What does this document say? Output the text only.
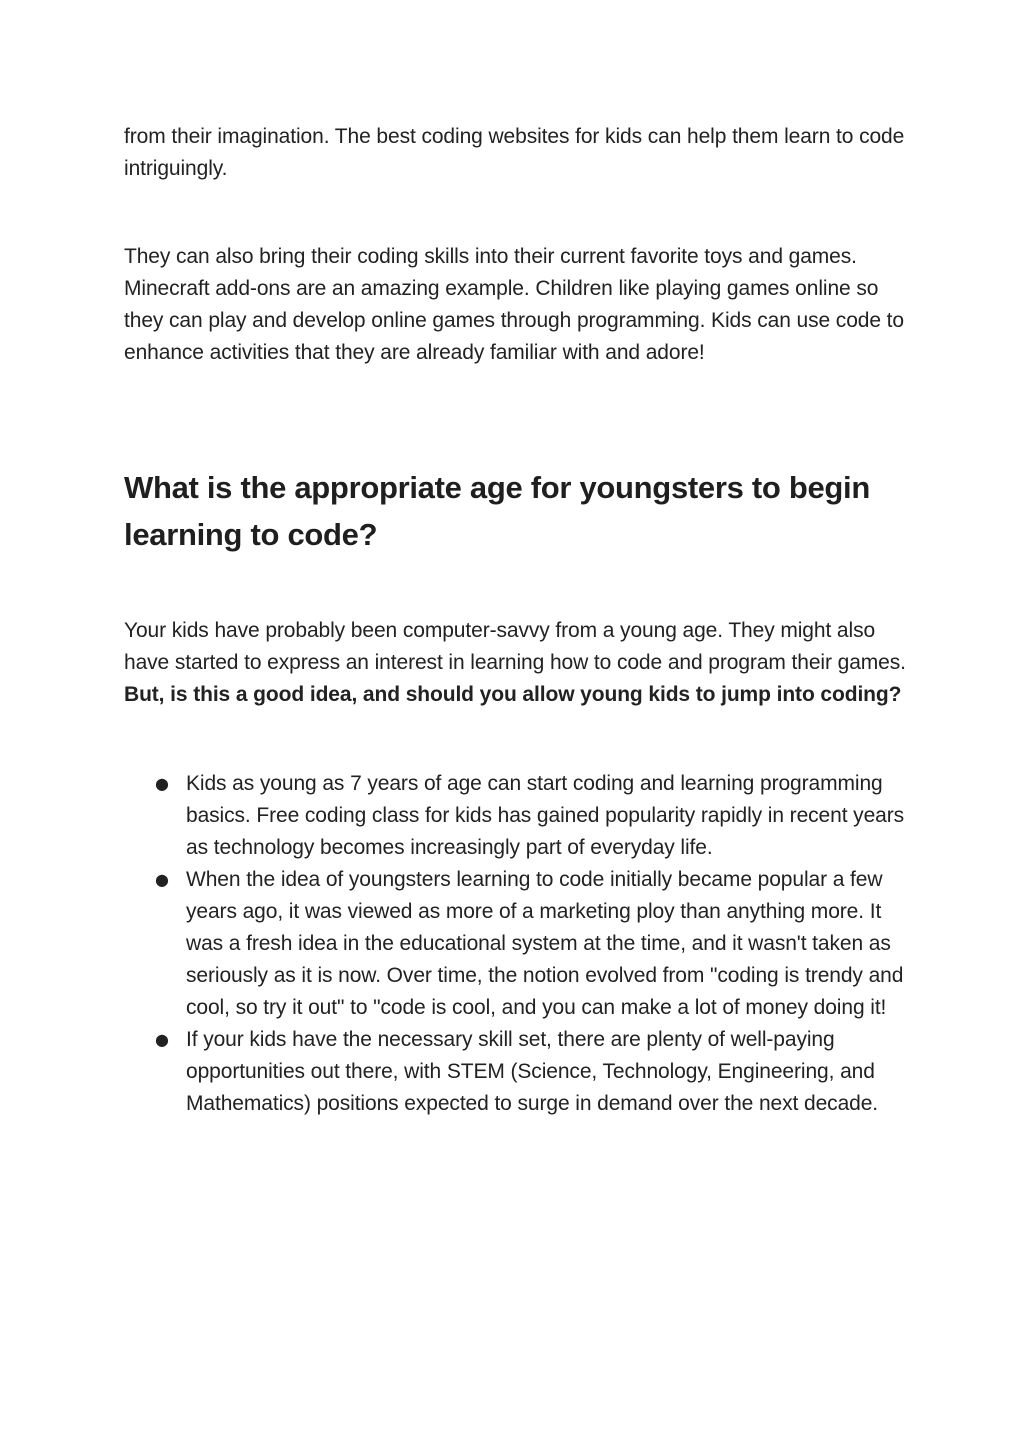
from their imagination. The best coding websites for kids can help them learn to code intriguingly.

They can also bring their coding skills into their current favorite toys and games. Minecraft add-ons are an amazing example. Children like playing games online so they can play and develop online games through programming. Kids can use code to enhance activities that they are already familiar with and adore!

What is the appropriate age for youngsters to begin learning to code?

Your kids have probably been computer-savvy from a young age. They might also have started to express an interest in learning how to code and program their games. But, is this a good idea, and should you allow young kids to jump into coding?

● Kids as young as 7 years of age can start coding and learning programming basics. Free coding class for kids has gained popularity rapidly in recent years as technology becomes increasingly part of everyday life.
● When the idea of youngsters learning to code initially became popular a few years ago, it was viewed as more of a marketing ploy than anything more. It was a fresh idea in the educational system at the time, and it wasn't taken as seriously as it is now. Over time, the notion evolved from "coding is trendy and cool, so try it out" to "code is cool, and you can make a lot of money doing it!
● If your kids have the necessary skill set, there are plenty of well-paying opportunities out there, with STEM (Science, Technology, Engineering, and Mathematics) positions expected to surge in demand over the next decade.
